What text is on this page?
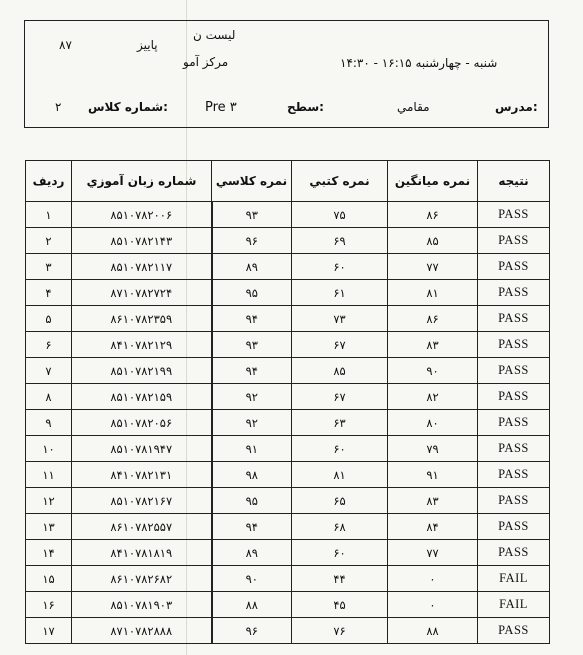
۸۷	پاییز
لیست ن
مرکز آمو	شنبه - چهارشنبه ۱۶:۱۵ - ۱۴:۳۰
۲ شماره کلاس:	Pre ۳	سطح:	مقامي	مدرس:
رديف	شماره زبان آموزي	نمره کلاسي	نمره کتبي	نمره میانگین	نتیجه
۱	۸۵۱۰۷۸۲۰۰۶	۹۳	۷۵	۸۶	PASS
۲	۸۵۱۰۷۸۲۱۴۳	۹۶	۶۹	۸۵	PASS
۳	۸۵۱۰۷۸۲۱۱۷	۸۹	۶۰	۷۷	PASS
۴	۸۷۱۰۷۸۲۷۲۴	۹۵	۶۱	۸۱	PASS
۵	۸۶۱۰۷۸۲۳۵۹	۹۴	۷۳	۸۶	PASS
۶	۸۴۱۰۷۸۲۱۲۹	۹۳	۶۷	۸۳	PASS
۷	۸۵۱۰۷۸۲۱۹۹	۹۴	۸۵	۹۰	PASS
۸	۸۵۱۰۷۸۲۱۵۹	۹۲	۶۷	۸۲	PASS
۹	۸۵۱۰۷۸۲۰۵۶	۹۲	۶۳	۸۰	PASS
۱۰	۸۵۱۰۷۸۱۹۴۷	۹۱	۶۰	۷۹	PASS
۱۱	۸۴۱۰۷۸۲۱۳۱	۹۸	۸۱	۹۱	PASS
۱۲	۸۵۱۰۷۸۲۱۶۷	۹۵	۶۵	۸۳	PASS
۱۳	۸۶۱۰۷۸۲۵۵۷	۹۴	۶۸	۸۴	PASS
۱۴	۸۴۱۰۷۸۱۸۱۹	۸۹	۶۰	۷۷	PASS
۱۵	۸۶۱۰۷۸۲۶۸۲	۹۰	۴۴	۰	FAIL
۱۶	۸۵۱۰۷۸۱۹۰۳	۸۸	۴۵	۰	FAIL
۱۷	۸۷۱۰۷۸۲۸۸۸	۹۶	۷۶	۸۸	PASS
